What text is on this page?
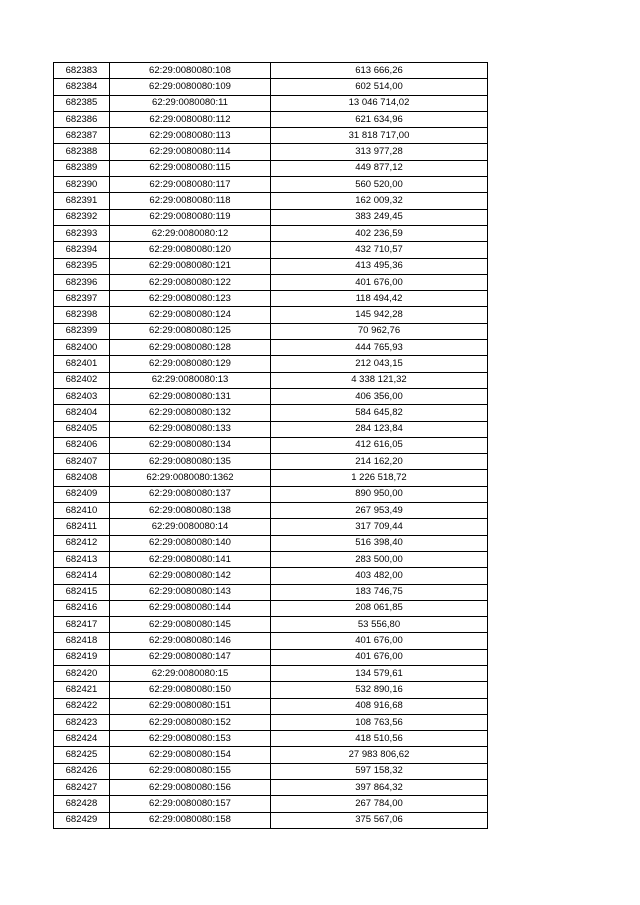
682383	62:29:0080080:108	613 666,26
682384	62:29:0080080:109	602 514,00
682385	62:29:0080080:11	13 046 714,02
682386	62:29:0080080:112	621 634,96
682387	62:29:0080080:113	31 818 717,00
682388	62:29:0080080:114	313 977,28
682389	62:29:0080080:115	449 877,12
682390	62:29:0080080:117	560 520,00
682391	62:29:0080080:118	162 009,32
682392	62:29:0080080:119	383 249,45
682393	62:29:0080080:12	402 236,59
682394	62:29:0080080:120	432 710,57
682395	62:29:0080080:121	413 495,36
682396	62:29:0080080:122	401 676,00
682397	62:29:0080080:123	118 494,42
682398	62:29:0080080:124	145 942,28
682399	62:29:0080080:125	70 962,76
682400	62:29:0080080:128	444 765,93
682401	62:29:0080080:129	212 043,15
682402	62:29:0080080:13	4 338 121,32
682403	62:29:0080080:131	406 356,00
682404	62:29:0080080:132	584 645,82
682405	62:29:0080080:133	284 123,84
682406	62:29:0080080:134	412 616,05
682407	62:29:0080080:135	214 162,20
682408	62:29:0080080:1362	1 226 518,72
682409	62:29:0080080:137	890 950,00
682410	62:29:0080080:138	267 953,49
682411	62:29:0080080:14	317 709,44
682412	62:29:0080080:140	516 398,40
682413	62:29:0080080:141	283 500,00
682414	62:29:0080080:142	403 482,00
682415	62:29:0080080:143	183 746,75
682416	62:29:0080080:144	208 061,85
682417	62:29:0080080:145	53 556,80
682418	62:29:0080080:146	401 676,00
682419	62:29:0080080:147	401 676,00
682420	62:29:0080080:15	134 579,61
682421	62:29:0080080:150	532 890,16
682422	62:29:0080080:151	408 916,68
682423	62:29:0080080:152	108 763,56
682424	62:29:0080080:153	418 510,56
682425	62:29:0080080:154	27 983 806,62
682426	62:29:0080080:155	597 158,32
682427	62:29:0080080:156	397 864,32
682428	62:29:0080080:157	267 784,00
682429	62:29:0080080:158	375 567,06
